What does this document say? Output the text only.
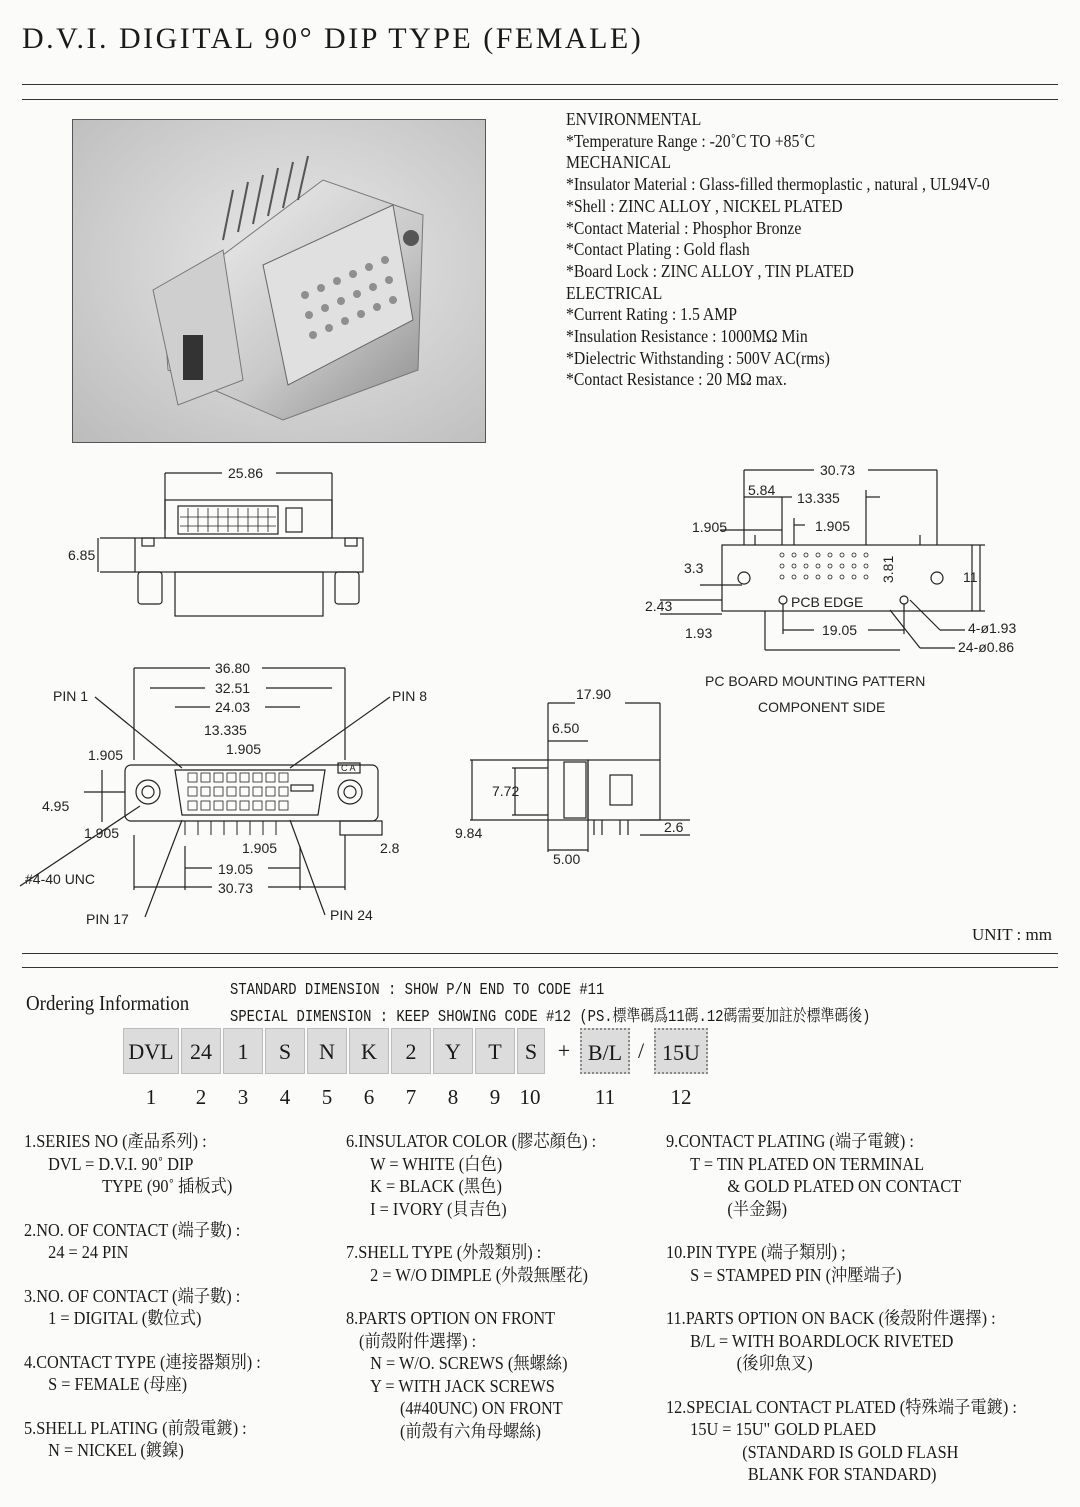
D.V.I. DIGITAL 90° DIP TYPE (FEMALE)
ENVIRONMENTAL
*Temperature Range : -20˚C TO +85˚C
MECHANICAL
*Insulator Material : Glass-filled thermoplastic , natural , UL94V-0
*Shell : ZINC ALLOY , NICKEL PLATED
*Contact Material : Phosphor Bronze
*Contact Plating : Gold flash
*Board Lock : ZINC ALLOY , TIN PLATED
ELECTRICAL
*Current Rating : 1.5 AMP
*Insulation Resistance : 1000MΩ Min
*Dielectric Withstanding : 500V AC(rms)
*Contact Resistance : 20 MΩ max.
25.86
6.85
36.80
32.51
24.03
13.335
1.905
1.905
4.95
1.905
1.905
19.05
30.73
2.8
PIN 1	PIN 8
PIN 17	PIN 24
#4-40 UNC
C A
17.90
6.50
7.72
9.84
5.00
2.6
30.73
5.84 13.335
1.905	1.905
3.81
3.3
11
2.43
1.93	19.05
PCB EDGE
4-ø1.93
24-ø0.86
PC BOARD MOUNTING PATTERN
COMPONENT SIDE
UNIT : mm
Ordering Information
STANDARD DIMENSION : SHOW P/N END TO CODE #11
SPECIAL DIMENSION : KEEP SHOWING CODE #12 (PS.標準碼爲11碼.12碼需要加註於標準碼後)
DVL 24	1	S	N	K	2	Y	T	S + B/L / 15U
1	2	3	4	5	6	7	8	9 10	11	12
1.SERIES NO (產品系列) :
DVL = D.V.I. 90˚ DIP
TYPE (90˚ 插板式)
2.NO. OF CONTACT (端子數) :
24 = 24 PIN
3.NO. OF CONTACT (端子數) :
1 = DIGITAL (數位式)
4.CONTACT TYPE (連接器類別) :
S = FEMALE (母座)
5.SHELL PLATING (前殼電鍍) :
N = NICKEL (鍍鎳)
6.INSULATOR COLOR (膠芯顏色) :
W = WHITE (白色)
K = BLACK (黑色)
I = IVORY (貝吉色)
7.SHELL TYPE (外殼類別) :
2 = W/O DIMPLE (外殼無壓花)
8.PARTS OPTION ON FRONT
(前殼附件選擇) :
N = W/O. SCREWS (無螺絲)
Y = WITH JACK SCREWS
(4#40UNC) ON FRONT
(前殼有六角母螺絲)
9.CONTACT PLATING (端子電鍍) :
T = TIN PLATED ON TERMINAL
& GOLD PLATED ON CONTACT
(半金錫)
10.PIN TYPE (端子類別) ;
S = STAMPED PIN (沖壓端子)
11.PARTS OPTION ON BACK (後殼附件選擇) :
B/L = WITH BOARDLOCK RIVETED
(後卯魚叉)
12.SPECIAL CONTACT PLATED (特殊端子電鍍) :
15U = 15U" GOLD PLAED
(STANDARD IS GOLD FLASH
BLANK FOR STANDARD)
